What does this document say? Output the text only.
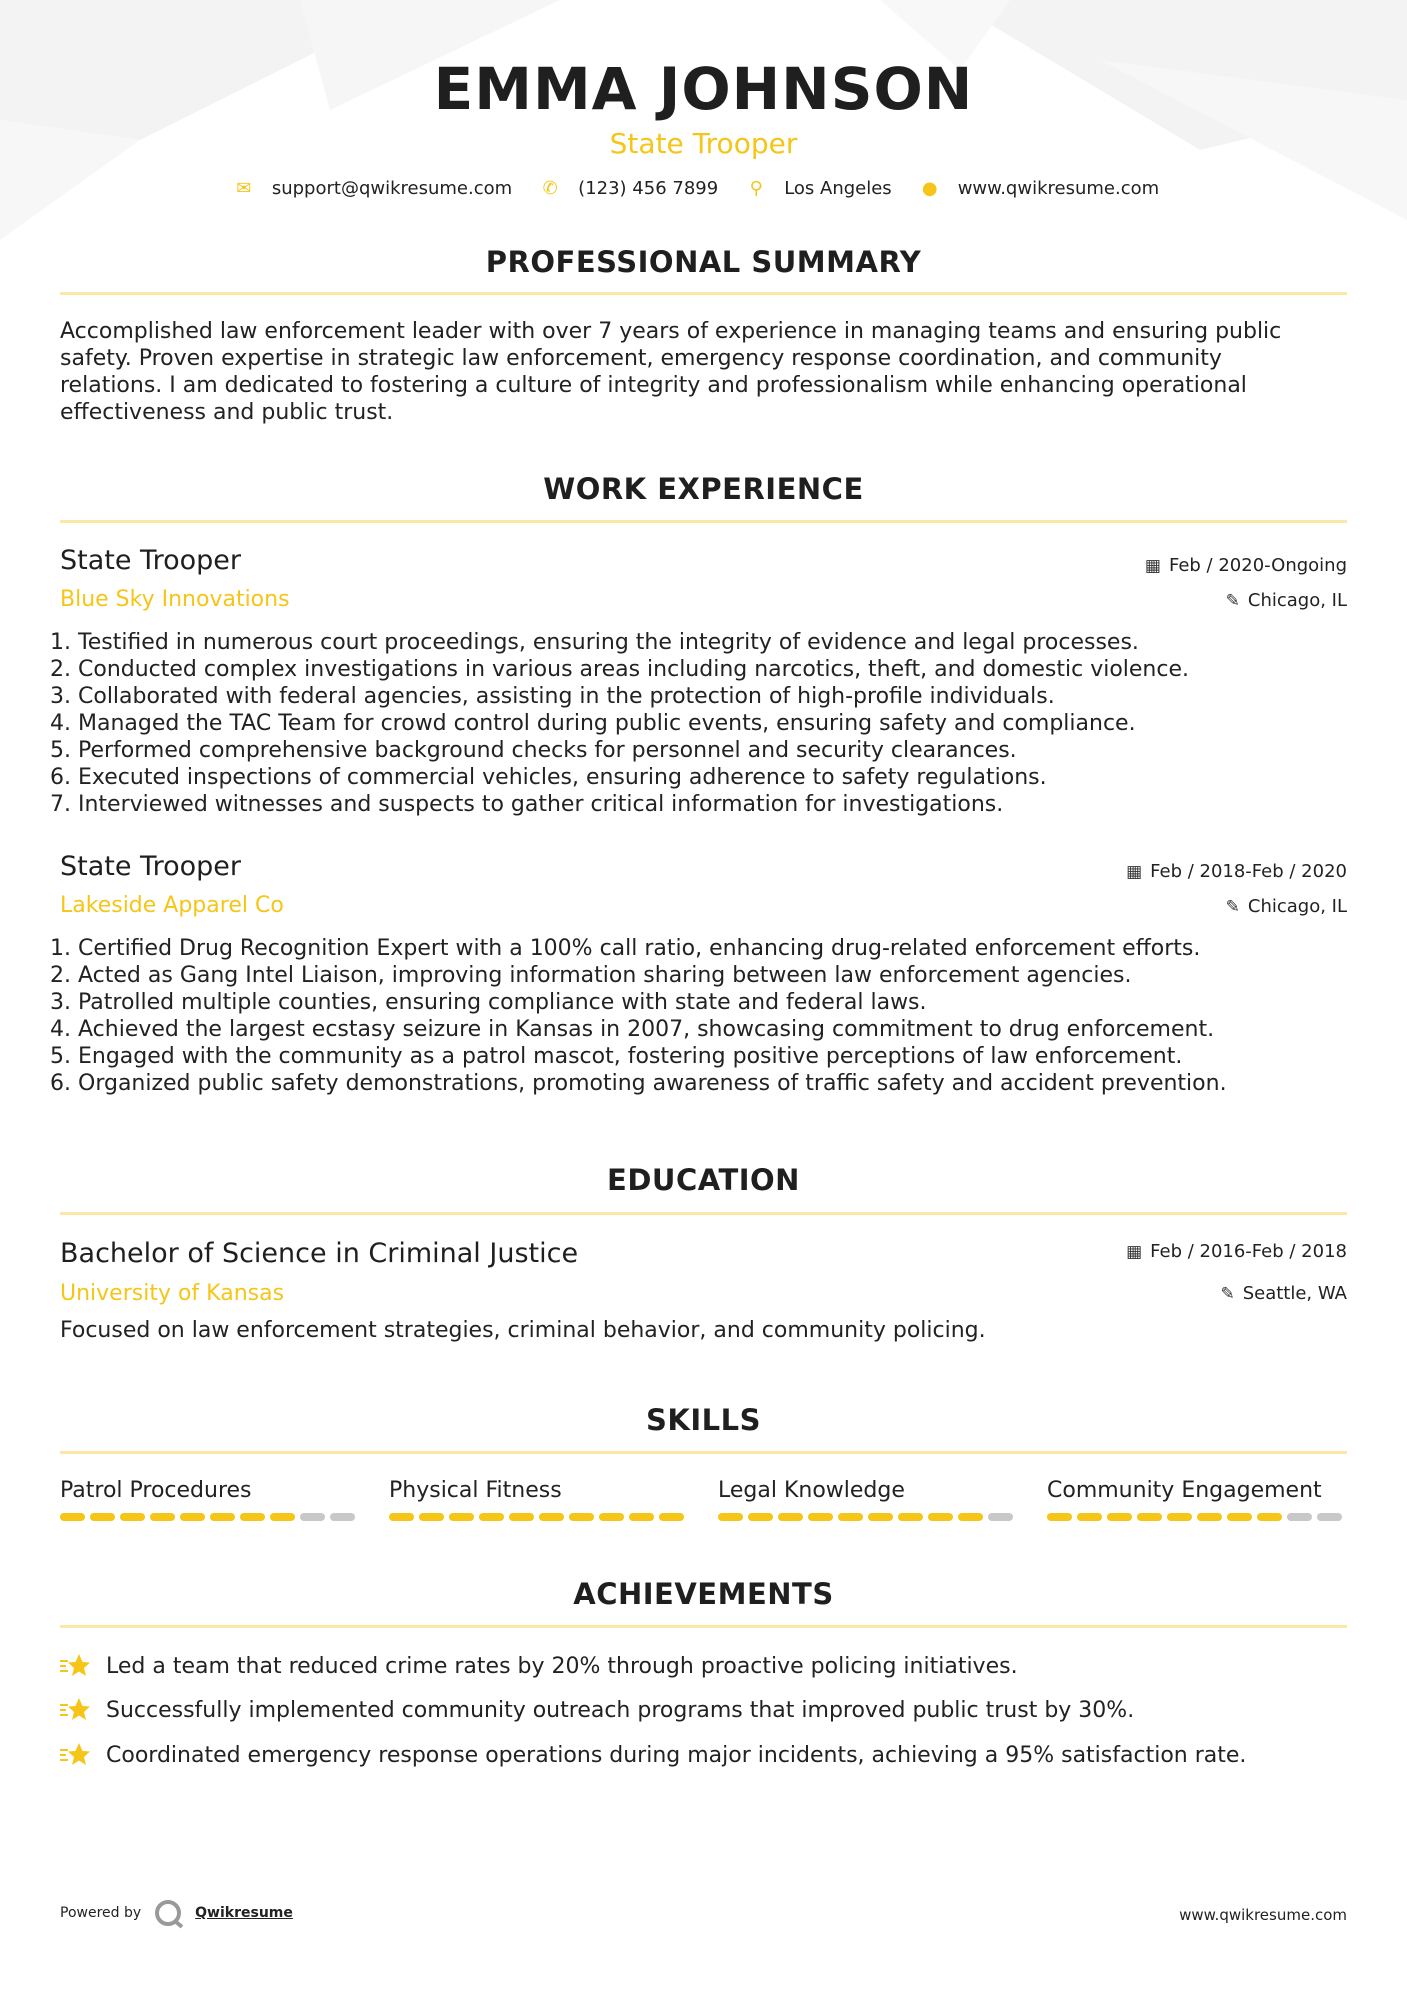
EMMA JOHNSON
State Trooper
✉ support@qwikresume.com ✆ (123) 456 7899 ⚲ Los Angeles ● www.qwikresume.com
PROFESSIONAL SUMMARY
Accomplished law enforcement leader with over 7 years of experience in managing teams and ensuring public safety. Proven expertise in strategic law enforcement, emergency response coordination, and community relations. I am dedicated to fostering a culture of integrity and professionalism while enhancing operational effectiveness and public trust.
WORK EXPERIENCE
State Trooper	▦ Feb / 2020-Ongoing
Blue Sky Innovations	✎ Chicago, IL
1. Testified in numerous court proceedings, ensuring the integrity of evidence and legal processes.
2. Conducted complex investigations in various areas including narcotics, theft, and domestic violence.
3. Collaborated with federal agencies, assisting in the protection of high-profile individuals.
4. Managed the TAC Team for crowd control during public events, ensuring safety and compliance.
5. Performed comprehensive background checks for personnel and security clearances.
6. Executed inspections of commercial vehicles, ensuring adherence to safety regulations.
7. Interviewed witnesses and suspects to gather critical information for investigations.
State Trooper	▦ Feb / 2018-Feb / 2020
Lakeside Apparel Co	✎ Chicago, IL
1. Certified Drug Recognition Expert with a 100% call ratio, enhancing drug-related enforcement efforts.
2. Acted as Gang Intel Liaison, improving information sharing between law enforcement agencies.
3. Patrolled multiple counties, ensuring compliance with state and federal laws.
4. Achieved the largest ecstasy seizure in Kansas in 2007, showcasing commitment to drug enforcement.
5. Engaged with the community as a patrol mascot, fostering positive perceptions of law enforcement.
6. Organized public safety demonstrations, promoting awareness of traffic safety and accident prevention.
EDUCATION
Bachelor of Science in Criminal Justice	▦ Feb / 2016-Feb / 2018
University of Kansas	✎ Seattle, WA
Focused on law enforcement strategies, criminal behavior, and community policing.
SKILLS
Patrol Procedures	Physical Fitness	Legal Knowledge	Community Engagement
ACHIEVEMENTS
Led a team that reduced crime rates by 20% through proactive policing initiatives.
Successfully implemented community outreach programs that improved public trust by 30%.
Coordinated emergency response operations during major incidents, achieving a 95% satisfaction rate.
Powered by	Qwikresume	www.qwikresume.com
